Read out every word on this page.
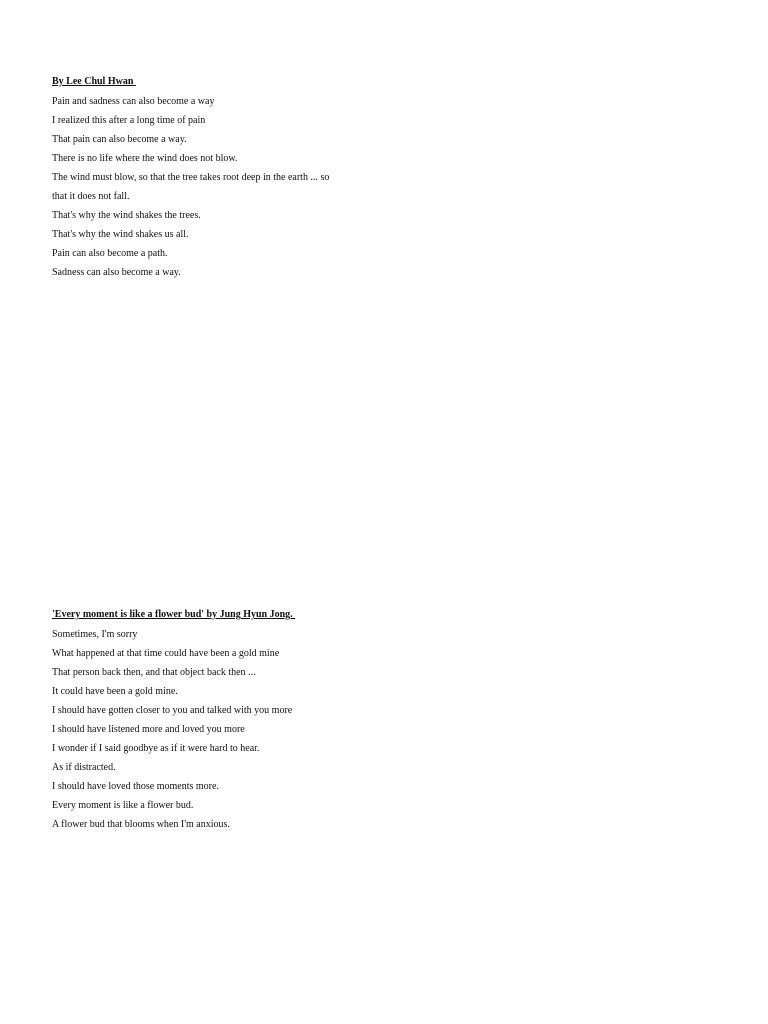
By Lee Chul Hwan
Pain and sadness can also become a way
I realized this after a long time of pain
That pain can also become a way.
There is no life where the wind does not blow.
The wind must blow, so that the tree takes root deep in the earth ... so
that it does not fall.
That's why the wind shakes the trees.
That's why the wind shakes us all.
Pain can also become a path.
Sadness can also become a way.
'Every moment is like a flower bud' by Jung Hyun Jong.
Sometimes, I'm sorry
What happened at that time could have been a gold mine
That person back then, and that object back then ...
It could have been a gold mine.
I should have gotten closer to you and talked with you more
I should have listened more and loved you more
I wonder if I said goodbye as if it were hard to hear.
As if distracted.
I should have loved those moments more.
Every moment is like a flower bud.
A flower bud that blooms when I'm anxious.
